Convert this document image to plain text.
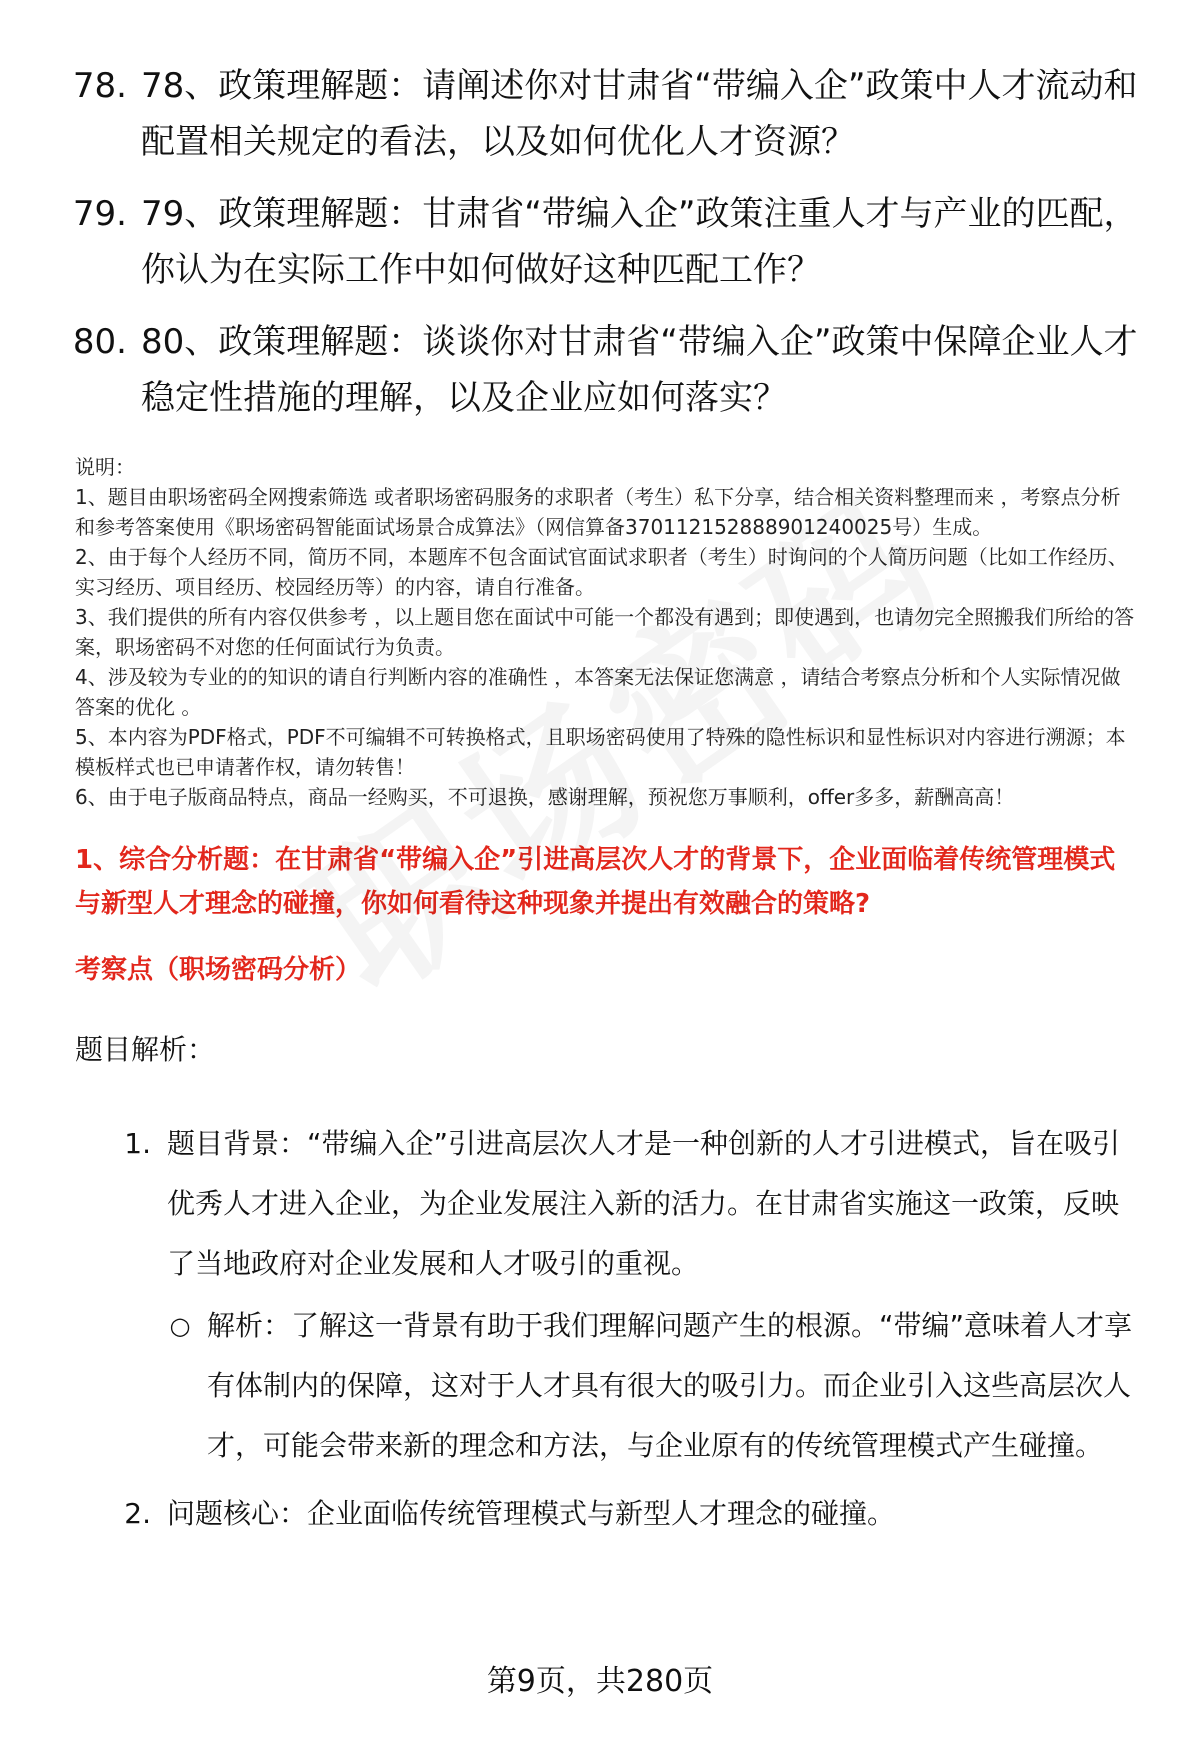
78. 78、政策理解题：请阐述你对甘肃省“带编入企”政策中人才流动和配置相关规定的看法，以及如何优化人才资源？
79. 79、政策理解题：甘肃省“带编入企”政策注重人才与产业的匹配，你认为在实际工作中如何做好这种匹配工作？
80. 80、政策理解题：谈谈你对甘肃省“带编入企”政策中保障企业人才稳定性措施的理解，以及企业应如何落实？

说明：

1、题目由职场密码全网搜索筛选 或者职场密码服务的求职者（考生）私下分享，结合相关资料整理而来 ，考察点分析和参考答案使用《职场密码智能面试场景合成算法》（网信算备370112152888901240025号）生成。

2、由于每个人经历不同，简历不同，本题库不包含面试官面试求职者（考生）时询问的个人简历问题（比如工作经历、实习经历、项目经历、校园经历等）的内容，请自行准备。

3、我们提供的所有内容仅供参考 ，以上题目您在面试中可能一个都没有遇到；即使遇到，也请勿完全照搬我们所给的答案，职场密码不对您的任何面试行为负责。

4、涉及较为专业的的知识的请自行判断内容的准确性 ，本答案无法保证您满意 ，请结合考察点分析和个人实际情况做答案的优化 。

5、本内容为PDF格式，PDF不可编辑不可转换格式，且职场密码使用了特殊的隐性标识和显性标识对内容进行溯源；本模板样式也已申请著作权，请勿转售！

6、由于电子版商品特点，商品一经购买，不可退换，感谢理解，预祝您万事顺利，offer多多，薪酬高高！

1、综合分析题：在甘肃省“带编入企”引进高层次人才的背景下，企业面临着传统管理模式与新型人才理念的碰撞，你如何看待这种现象并提出有效融合的策略?
考察点（职场密码分析）
题目解析：
1. 题目背景：“带编入企”引进高层次人才是一种创新的人才引进模式，旨在吸引优秀人才进入企业，为企业发展注入新的活力。在甘肃省实施这一政策，反映了当地政府对企业发展和人才吸引的重视。
○ 解析：了解这一背景有助于我们理解问题产生的根源。“带编”意味着人才享有体制内的保障，这对于人才具有很大的吸引力。而企业引入这些高层次人才，可能会带来新的理念和方法，与企业原有的传统管理模式产生碰撞。
2. 问题核心：企业面临传统管理模式与新型人才理念的碰撞。
第9页，共280页
